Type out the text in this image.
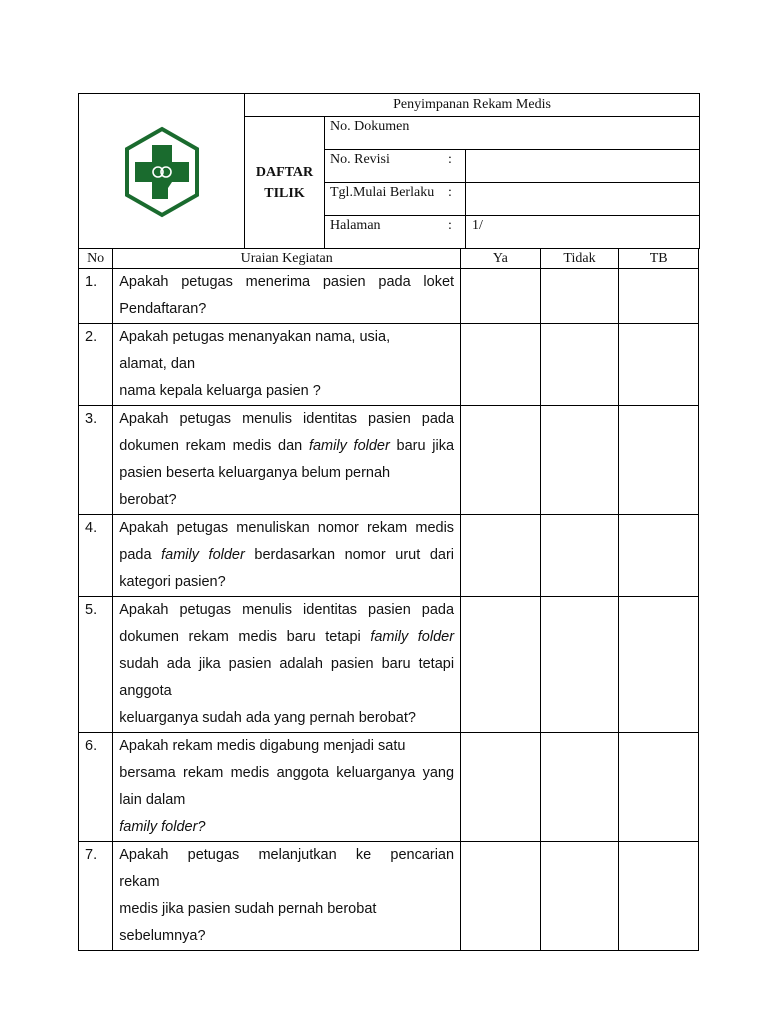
	Penyimpanan Rekam Medis		
	DAFTAR
TILIK	No. Dokumen	
		No. Revisi :	
		Tgl.Mulai Berlaku :	
		Halaman :	1/
No	Uraian Kegiatan	Ya	Tidak	TB
1.	Apakah petugas menerima pasien pada loket

Pendaftaran?			

2.	Apakah petugas menanyakan nama, usia,

alamat, dan

nama kepala keluarga pasien ?			

3.	Apakah petugas menulis identitas pasien pada

dokumen rekam medis dan family folder baru jika

pasien beserta keluarganya belum pernah

berobat?			

4.	Apakah petugas menuliskan nomor rekam medis

pada family folder berdasarkan nomor urut dari

kategori pasien?			

5.	Apakah petugas menulis identitas pasien pada

dokumen rekam medis baru tetapi family folder

sudah ada jika pasien adalah pasien baru tetapi

anggota

keluarganya sudah ada yang pernah berobat?			

6.	Apakah rekam medis digabung menjadi satu

bersama rekam medis anggota keluarganya yang

lain dalam

family folder?			

7.	Apakah petugas melanjutkan ke pencarian

rekam

medis jika pasien sudah pernah berobat

sebelumnya?			
